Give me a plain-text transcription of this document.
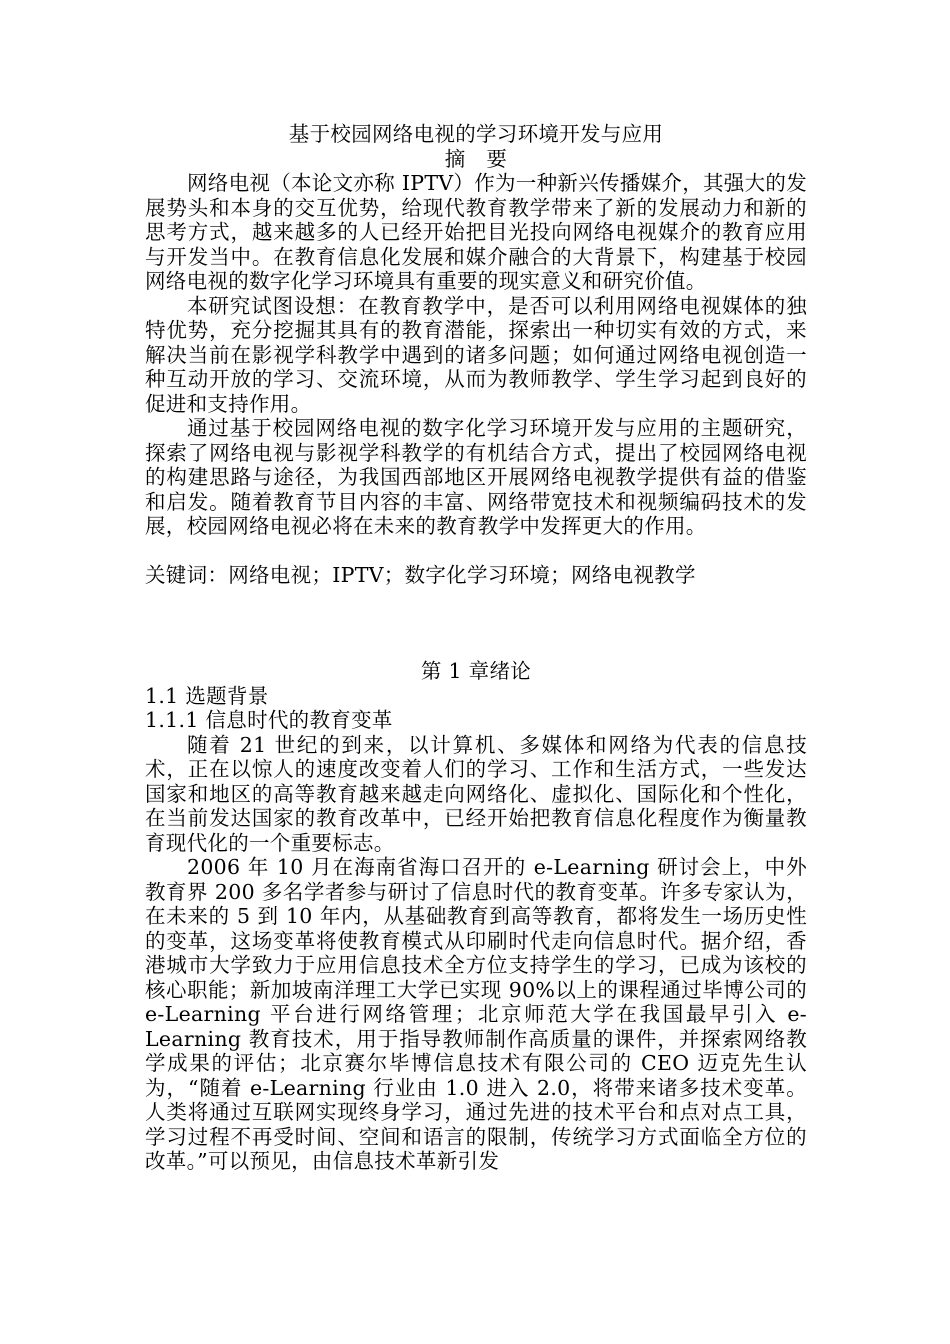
基于校园网络电视的学习环境开发与应用

摘　要

网络电视（本论文亦称 IPTV）作为一种新兴传播媒介，其强大的发展势头和本身的交互优势，给现代教育教学带来了新的发展动力和新的思考方式，越来越多的人已经开始把目光投向网络电视媒介的教育应用与开发当中。在教育信息化发展和媒介融合的大背景下，构建基于校园网络电视的数字化学习环境具有重要的现实意义和研究价值。

本研究试图设想：在教育教学中，是否可以利用网络电视媒体的独特优势，充分挖掘其具有的教育潜能，探索出一种切实有效的方式，来解决当前在影视学科教学中遇到的诸多问题；如何通过网络电视创造一种互动开放的学习、交流环境，从而为教师教学、学生学习起到良好的促进和支持作用。

通过基于校园网络电视的数字化学习环境开发与应用的主题研究，探索了网络电视与影视学科教学的有机结合方式，提出了校园网络电视的构建思路与途径，为我国西部地区开展网络电视教学提供有益的借鉴和启发。随着教育节目内容的丰富、网络带宽技术和视频编码技术的发展，校园网络电视必将在未来的教育教学中发挥更大的作用。

关键词：网络电视；IPTV；数字化学习环境；网络电视教学

第 1 章绪论

1.1 选题背景

1.1.1 信息时代的教育变革

随着 21 世纪的到来，以计算机、多媒体和网络为代表的信息技术，正在以惊人的速度改变着人们的学习、工作和生活方式，一些发达国家和地区的高等教育越来越走向网络化、虚拟化、国际化和个性化，在当前发达国家的教育改革中，已经开始把教育信息化程度作为衡量教育现代化的一个重要标志。

2006 年 10 月在海南省海口召开的 e-Learning 研讨会上，中外教育界 200 多名学者参与研讨了信息时代的教育变革。许多专家认为，在未来的 5 到 10 年内，从基础教育到高等教育，都将发生一场历史性的变革，这场变革将使教育模式从印刷时代走向信息时代。据介绍，香港城市大学致力于应用信息技术全方位支持学生的学习，已成为该校的核心职能；新加坡南洋理工大学已实现 90%以上的课程通过毕博公司的 e-Learning 平台进行网络管理；北京师范大学在我国最早引入 e-Learning 教育技术，用于指导教师制作高质量的课件，并探索网络教学成果的评估；北京赛尔毕博信息技术有限公司的 CEO 迈克先生认为，“随着 e-Learning 行业由 1.0 进入 2.0，将带来诸多技术变革。人类将通过互联网实现终身学习，通过先进的技术平台和点对点工具，学习过程不再受时间、空间和语言的限制，传统学习方式面临全方位的改革。”可以预见，由信息技术革新引发
